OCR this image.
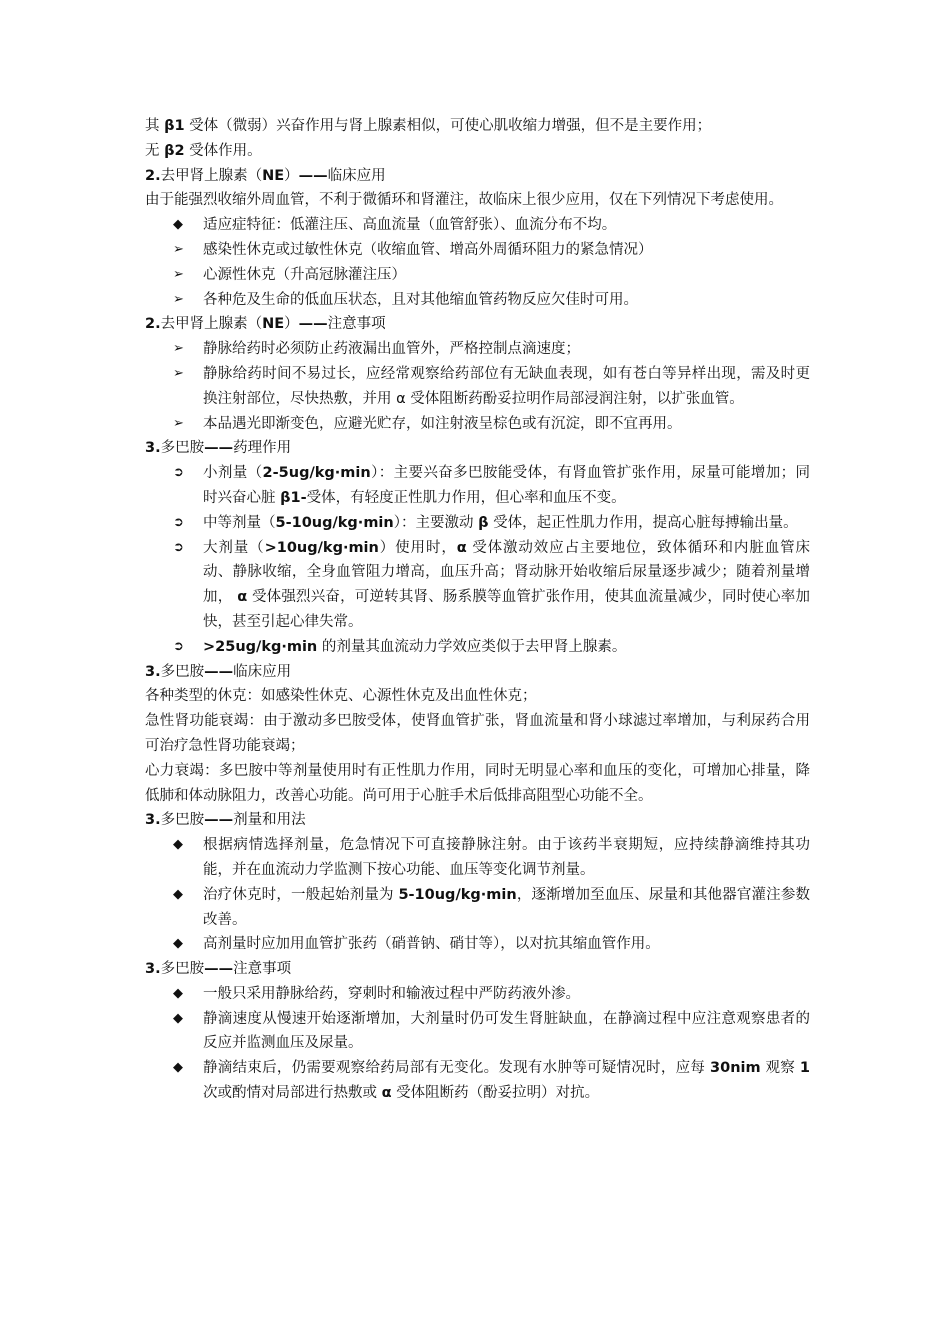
其 β1 受体（微弱）兴奋作用与肾上腺素相似，可使心肌收缩力增强，但不是主要作用；
无 β2 受体作用。
2.去甲肾上腺素（NE）——临床应用
由于能强烈收缩外周血管，不利于微循环和肾灌注，故临床上很少应用，仅在下列情况下考虑使用。
◆	适应症特征：低灌注压、高血流量（血管舒张）、血流分布不均。
➢	感染性休克或过敏性休克（收缩血管、增高外周循环阻力的紧急情况）
➢	心源性休克（升高冠脉灌注压）
➢	各种危及生命的低血压状态，且对其他缩血管药物反应欠佳时可用。
2.去甲肾上腺素（NE）——注意事项
➢	静脉给药时必须防止药液漏出血管外，严格控制点滴速度；
➢	静脉给药时间不易过长，应经常观察给药部位有无缺血表现，如有苍白等异样出现，需及时更换注射部位，尽快热敷，并用 α 受体阻断药酚妥拉明作局部浸润注射，以扩张血管。
➢	本品遇光即渐变色，应避光贮存，如注射液呈棕色或有沉淀，即不宜再用。
3.多巴胺——药理作用
➲	小剂量（2-5ug/kg·min）：主要兴奋多巴胺能受体，有肾血管扩张作用，尿量可能增加；同时兴奋心脏 β1-受体，有轻度正性肌力作用，但心率和血压不变。
➲	中等剂量（5-10ug/kg·min）：主要激动 β 受体，起正性肌力作用，提高心脏每搏输出量。
➲	大剂量（>10ug/kg·min）使用时，α 受体激动效应占主要地位，致体循环和内脏血管床动、静脉收缩，全身血管阻力增高，血压升高；肾动脉开始收缩后尿量逐步减少；随着剂量增加， α 受体强烈兴奋，可逆转其肾、肠系膜等血管扩张作用，使其血流量减少，同时使心率加快，甚至引起心律失常。
➲	>25ug/kg·min 的剂量其血流动力学效应类似于去甲肾上腺素。
3.多巴胺——临床应用
各种类型的休克：如感染性休克、心源性休克及出血性休克；
急性肾功能衰竭：由于激动多巴胺受体，使肾血管扩张，肾血流量和肾小球滤过率增加，与利尿药合用可治疗急性肾功能衰竭；
心力衰竭：多巴胺中等剂量使用时有正性肌力作用，同时无明显心率和血压的变化，可增加心排量，降低肺和体动脉阻力，改善心功能。尚可用于心脏手术后低排高阻型心功能不全。
3.多巴胺——剂量和用法
◆	根据病情选择剂量，危急情况下可直接静脉注射。由于该药半衰期短，应持续静滴维持其功能，并在血流动力学监测下按心功能、血压等变化调节剂量。
◆	治疗休克时，一般起始剂量为 5-10ug/kg·min，逐渐增加至血压、尿量和其他器官灌注参数改善。
◆	高剂量时应加用血管扩张药（硝普钠、硝甘等），以对抗其缩血管作用。
3.多巴胺——注意事项
◆	一般只采用静脉给药，穿刺时和输液过程中严防药液外渗。
◆	静滴速度从慢速开始逐渐增加，大剂量时仍可发生肾脏缺血，在静滴过程中应注意观察患者的反应并监测血压及尿量。
◆	静滴结束后，仍需要观察给药局部有无变化。发现有水肿等可疑情况时，应每 30nim 观察 1 次或酌情对局部进行热敷或 α 受体阻断药（酚妥拉明）对抗。
